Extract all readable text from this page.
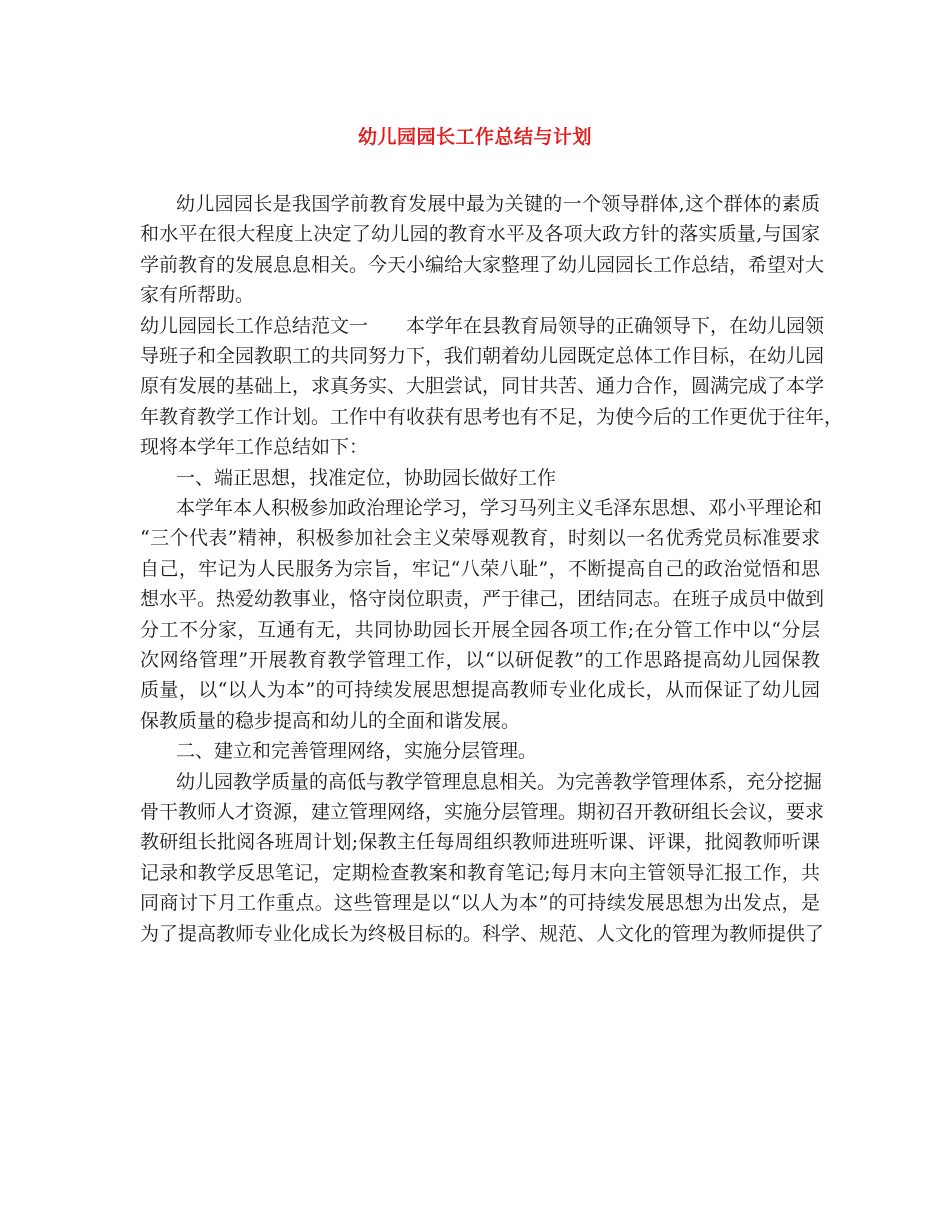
幼儿园园长工作总结与计划
幼儿园园长是我国学前教育发展中最为关键的一个领导群体,这个群体的素质
和水平在很大程度上决定了幼儿园的教育水平及各项大政方针的落实质量,与国家
学前教育的发展息息相关。今天小编给大家整理了幼儿园园长工作总结，希望对大
家有所帮助。
幼儿园园长工作总结范文一　　本学年在县教育局领导的正确领导下，在幼儿园领
导班子和全园教职工的共同努力下，我们朝着幼儿园既定总体工作目标，在幼儿园
原有发展的基础上，求真务实、大胆尝试，同甘共苦、通力合作，圆满完成了本学
年教育教学工作计划。工作中有收获有思考也有不足，为使今后的工作更优于往年，
现将本学年工作总结如下：
一、端正思想，找准定位，协助园长做好工作
本学年本人积极参加政治理论学习，学习马列主义毛泽东思想、邓小平理论和
“三个代表”精神，积极参加社会主义荣辱观教育，时刻以一名优秀党员标准要求
自己，牢记为人民服务为宗旨，牢记“八荣八耻”，不断提高自己的政治觉悟和思
想水平。热爱幼教事业，恪守岗位职责，严于律己，团结同志。在班子成员中做到
分工不分家，互通有无，共同协助园长开展全园各项工作;在分管工作中以“分层
次网络管理”开展教育教学管理工作，以“以研促教”的工作思路提高幼儿园保教
质量，以“以人为本”的可持续发展思想提高教师专业化成长，从而保证了幼儿园
保教质量的稳步提高和幼儿的全面和谐发展。
二、建立和完善管理网络，实施分层管理。
幼儿园教学质量的高低与教学管理息息相关。为完善教学管理体系，充分挖掘
骨干教师人才资源，建立管理网络，实施分层管理。期初召开教研组长会议，要求
教研组长批阅各班周计划;保教主任每周组织教师进班听课、评课，批阅教师听课
记录和教学反思笔记，定期检查教案和教育笔记;每月末向主管领导汇报工作，共
同商讨下月工作重点。这些管理是以“以人为本”的可持续发展思想为出发点，是
为了提高教师专业化成长为终极目标的。科学、规范、人文化的管理为教师提供了
